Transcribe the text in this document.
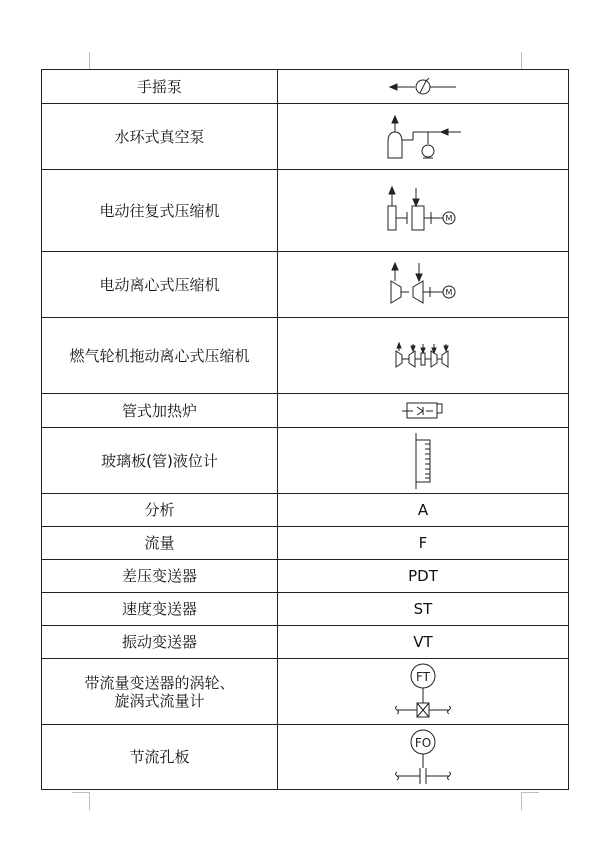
手摇泵	

水环式真空泵	

电动往复式压缩机	M

电动离心式压缩机	M

燃气轮机拖动离心式压缩机	

管式加热炉	

玻璃板(管)液位计	

分析	A
流量	F
差压变送器	PDT
速度变送器	ST
振动变送器	VT

带流量变送器的涡轮、
旋涡式流量计	FT

节流孔板	FO
